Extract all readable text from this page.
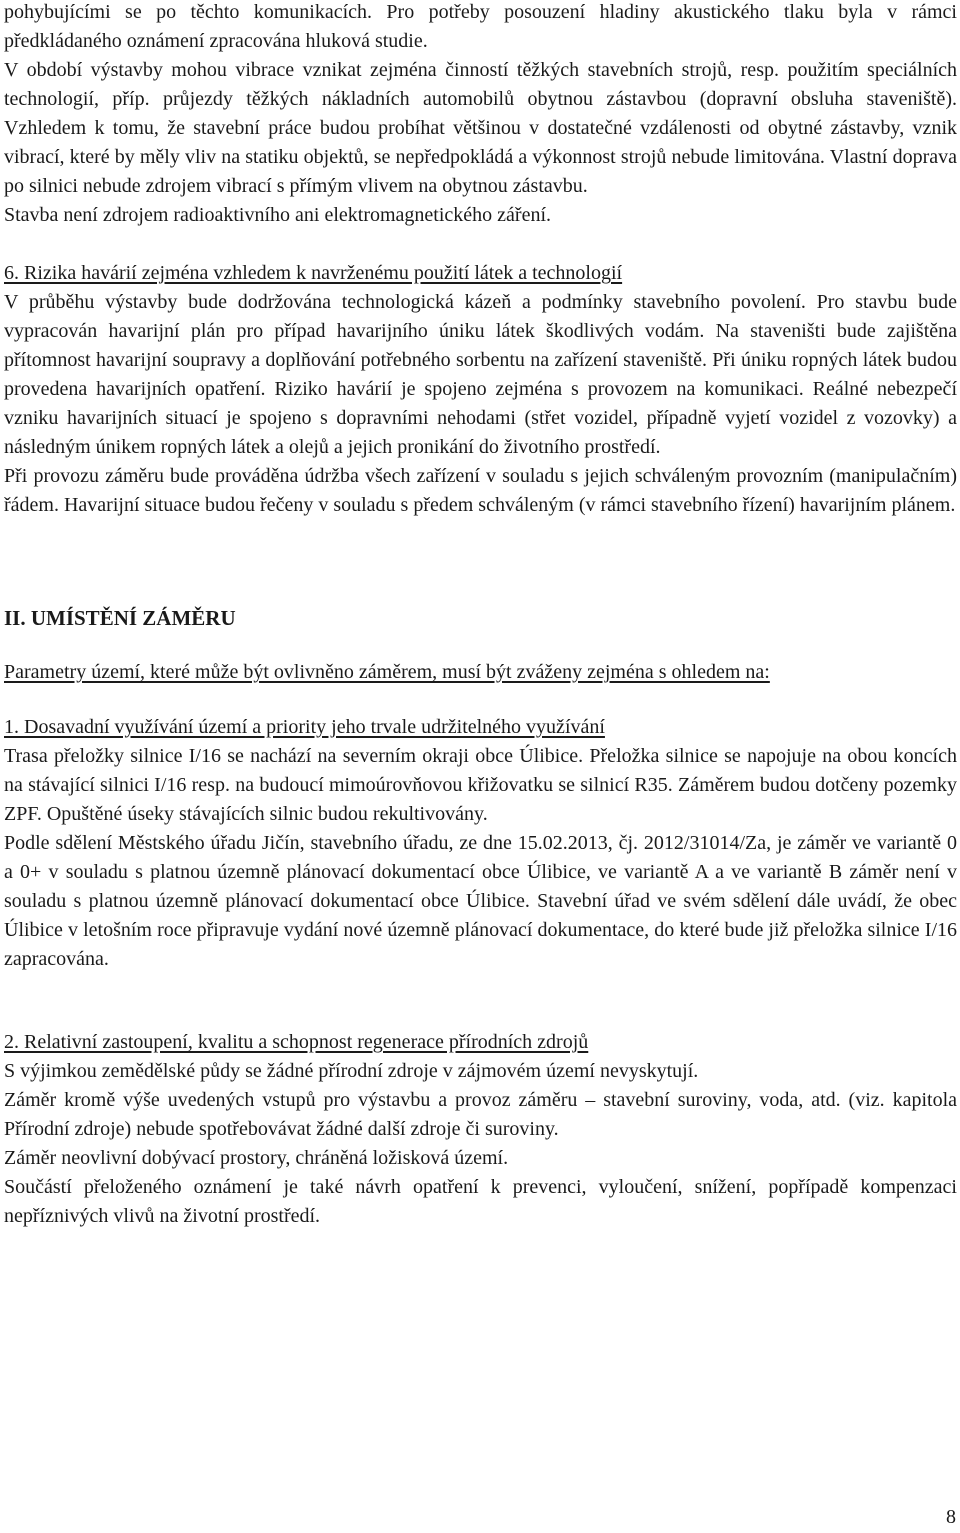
pohybujícími se po těchto komunikacích. Pro potřeby posouzení hladiny akustického tlaku byla v rámci předkládaného oznámení zpracována hluková studie.

V období výstavby mohou vibrace vznikat zejména činností těžkých stavebních strojů, resp. použitím speciálních technologií, příp. průjezdy těžkých nákladních automobilů obytnou zástavbou (dopravní obsluha staveniště). Vzhledem k tomu, že stavební práce budou probíhat většinou v dostatečné vzdálenosti od obytné zástavby, vznik vibrací, které by měly vliv na statiku objektů, se nepředpokládá a výkonnost strojů nebude limitována. Vlastní doprava po silnici nebude zdrojem vibrací s přímým vlivem na obytnou zástavbu.

Stavba není zdrojem radioaktivního ani elektromagnetického záření.

6. Rizika havárií zejména vzhledem k navrženému použití látek a technologií

V průběhu výstavby bude dodržována technologická kázeň a podmínky stavebního povolení. Pro stavbu bude vypracován havarijní plán pro případ havarijního úniku látek škodlivých vodám. Na staveništi bude zajištěna přítomnost havarijní soupravy a doplňování potřebného sorbentu na zařízení staveniště. Při úniku ropných látek budou provedena havarijních opatření. Riziko havárií je spojeno zejména s provozem na komunikaci. Reálné nebezpečí vzniku havarijních situací je spojeno s dopravními nehodami (střet vozidel, případně vyjetí vozidel z vozovky) a následným únikem ropných látek a olejů a jejich pronikání do životního prostředí.

Při provozu záměru bude prováděna údržba všech zařízení v souladu s jejich schváleným provozním (manipulačním) řádem. Havarijní situace budou řečeny v souladu s předem schváleným (v rámci stavebního řízení) havarijním plánem.

II. UMÍSTĚNÍ ZÁMĚRU

Parametry území, které může být ovlivněno záměrem, musí být zváženy zejména s ohledem na:

1. Dosavadní využívání území a priority jeho trvale udržitelného využívání

Trasa přeložky silnice I/16 se nachází na severním okraji obce Úlibice. Přeložka silnice se napojuje na obou koncích na stávající silnici I/16 resp. na budoucí mimoúrovňovou křižovatku se silnicí R35. Záměrem budou dotčeny pozemky ZPF. Opuštěné úseky stávajících silnic budou rekultivovány.

Podle sdělení Městského úřadu Jičín, stavebního úřadu, ze dne 15.02.2013, čj. 2012/31014/Za, je záměr ve variantě 0 a 0+ v souladu s platnou územně plánovací dokumentací obce Úlibice, ve variantě A a ve variantě B záměr není v souladu s platnou územně plánovací dokumentací obce Úlibice. Stavební úřad ve svém sdělení dále uvádí, že obec Úlibice v letošním roce připravuje vydání nové územně plánovací dokumentace, do které bude již přeložka silnice I/16 zapracována.

2. Relativní zastoupení, kvalitu a schopnost regenerace přírodních zdrojů

S výjimkou zemědělské půdy se žádné přírodní zdroje v zájmovém území nevyskytují.

Záměr kromě výše uvedených vstupů pro výstavbu a provoz záměru – stavební suroviny, voda, atd. (viz. kapitola Přírodní zdroje) nebude spotřebovávat žádné další zdroje či suroviny.

Záměr neovlivní dobývací prostory, chráněná ložisková území.

Součástí přeloženého oznámení je také návrh opatření k prevenci, vyloučení, snížení, popřípadě kompenzaci nepříznivých vlivů na životní prostředí.

8
